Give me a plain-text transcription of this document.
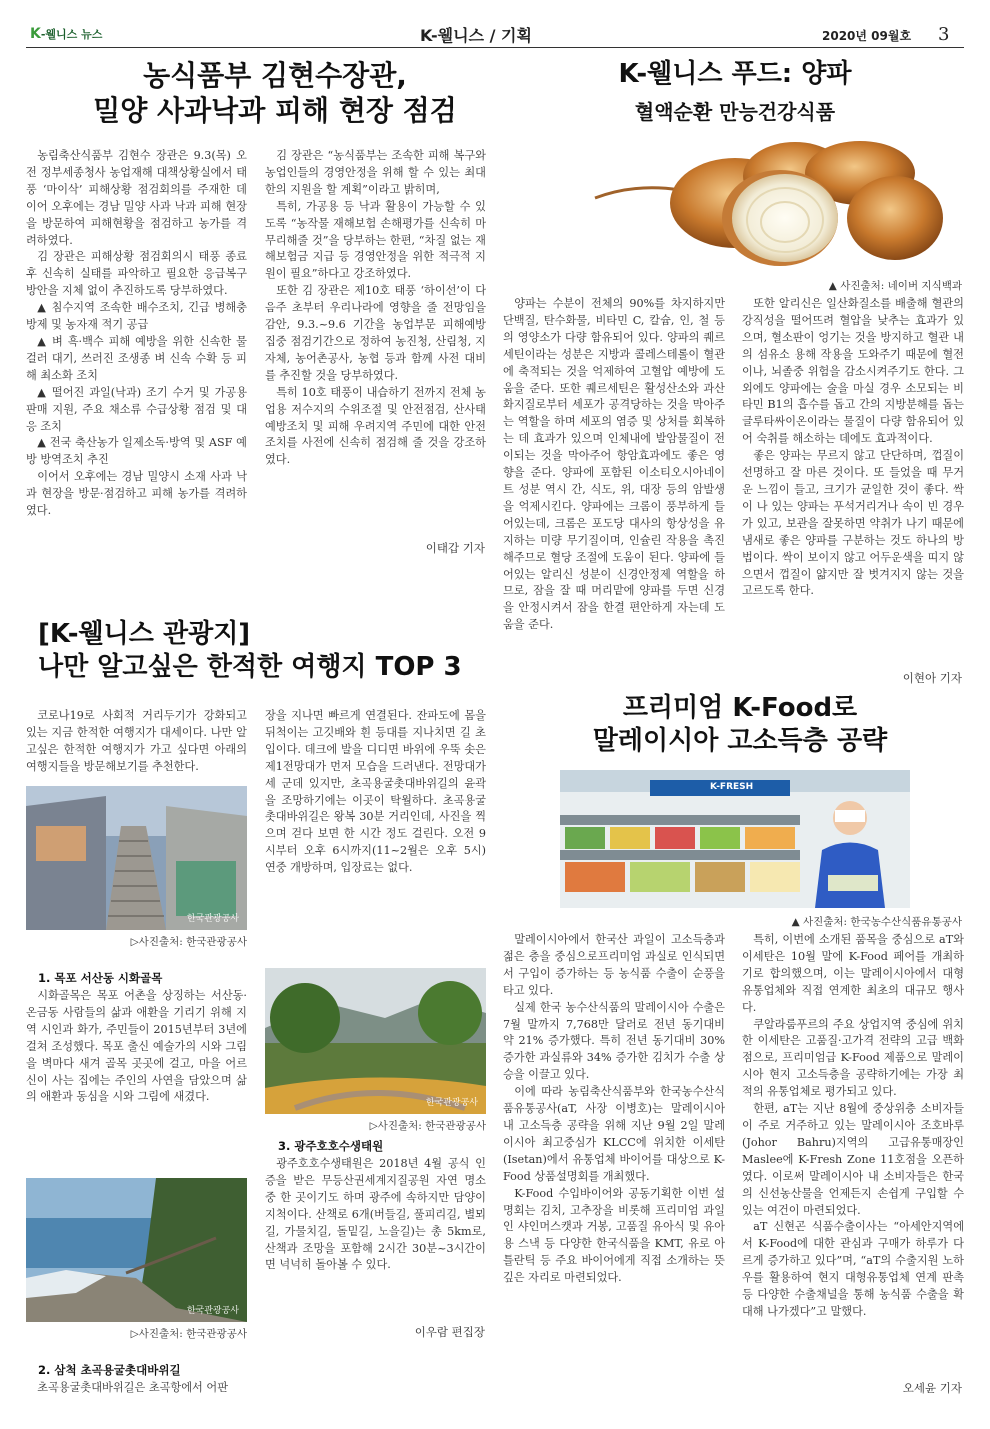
K-웰니스 뉴스	K-웰니스 / 기획	2020년 09월호 3
농식품부 김현수장관,
밀양 사과낙과 피해 현장 점검

농림축산식품부 김현수 장관은 9.3(목) 오전 정부세종청사 농업재해 대책상황실에서 태풍 ‘마이삭’ 피해상황 점검회의를 주재한 데 이어 오후에는 경남 밀양 사과 낙과 피해 현장을 방문하여 피해현황을 점검하고 농가를 격려하였다.

김 장관은 피해상황 점검회의시 태풍 종료 후 신속히 실태를 파악하고 필요한 응급복구 방안을 지체 없이 추진하도록 당부하였다.

▲ 침수지역 조속한 배수조치, 긴급 병해충 방제 및 농자재 적기 공급

▲ 벼 흑·백수 피해 예방을 위한 신속한 물걸러 대기, 쓰러진 조생종 벼 신속 수확 등 피해 최소화 조치

▲ 떨어진 과일(낙과) 조기 수거 및 가공용 판매 지원, 주요 채소류 수급상황 점검 및 대응 조치

▲ 전국 축산농가 일제소독·방역 및 ASF 예방 방역조치 추진

이어서 오후에는 경남 밀양시 소재 사과 낙과 현장을 방문·점검하고 피해 농가를 격려하였다.

김 장관은 “농식품부는 조속한 피해 복구와 농업인들의 경영안정을 위해 할 수 있는 최대한의 지원을 할 계획”이라고 밝히며,

특히, 가공용 등 낙과 활용이 가능할 수 있도록 “농작물 재해보험 손해평가를 신속히 마무리해줄 것”을 당부하는 한편, “차질 없는 재해보험금 지급 등 경영안정을 위한 적극적 지원이 필요”하다고 강조하였다.

또한 김 장관은 제10호 태풍 ‘하이선’이 다음주 초부터 우리나라에 영향을 줄 전망임을 감안, 9.3.~9.6 기간을 농업부문 피해예방 집중 점검기간으로 정하여 농진청, 산림청, 지자체, 농어촌공사, 농협 등과 함께 사전 대비를 추진할 것을 당부하였다.

특히 10호 태풍이 내습하기 전까지 전체 농업용 저수지의 수위조절 및 안전점검, 산사태 예방조치 및 피해 우려지역 주민에 대한 안전조치를 사전에 신속히 점검해 줄 것을 강조하였다.

이태갑 기자
K-웰니스 푸드: 양파
혈액순환 만능건강식품
▲ 사진출처: 네이버 지식백과

양파는 수분이 전체의 90%를 차지하지만 단백질, 탄수화물, 비타민 C, 칼슘, 인, 철 등의 영양소가 다량 함유되어 있다. 양파의 퀘르세틴이라는 성분은 지방과 콜레스테롤이 혈관에 축적되는 것을 억제하여 고혈압 예방에 도움을 준다. 또한 퀘르세틴은 활성산소와 과산화지질로부터 세포가 공격당하는 것을 막아주는 역할을 하며 세포의 염증 및 상처를 회복하는 데 효과가 있으며 인체내에 발암물질이 전이되는 것을 막아주어 항암효과에도 좋은 영향을 준다. 양파에 포함된 이소티오시아네이트 성분 역시 간, 식도, 위, 대장 등의 암발생을 억제시킨다. 양파에는 크롬이 풍부하게 들어있는데, 크롬은 포도당 대사의 항상성을 유지하는 미량 무기질이며, 인슐린 작용을 촉진해주므로 혈당 조절에 도움이 된다. 양파에 들어있는 알리신 성분이 신경안정제 역할을 하므로, 잠을 잘 때 머리맡에 양파를 두면 신경을 안정시켜서 잠을 한결 편안하게 자는데 도움을 준다.

또한 알리신은 일산화질소를 배출해 혈관의 강직성을 떨어뜨려 혈압을 낮추는 효과가 있으며, 혈소판이 엉기는 것을 방지하고 혈관 내의 섬유소 용해 작용을 도와주기 때문에 혈전이나, 뇌졸중 위험을 감소시켜주기도 한다. 그 외에도 양파에는 술을 마실 경우 소모되는 비타민 B1의 흡수를 돕고 간의 지방분해를 돕는 글루타싸이온이라는 물질이 다량 함유되어 있어 숙취를 해소하는 데에도 효과적이다.

좋은 양파는 무르지 않고 단단하며, 껍질이 선명하고 잘 마른 것이다. 또 들었을 때 무거운 느낌이 들고, 크기가 균일한 것이 좋다. 싹이 나 있는 양파는 푸석거리거나 속이 빈 경우가 있고, 보관을 잘못하면 약취가 나기 때문에 냄새로 좋은 양파를 구분하는 것도 하나의 방법이다. 싹이 보이지 않고 어두운색을 띠지 않으면서 껍질이 얇지만 잘 벗겨지지 않는 것을 고르도록 한다.

이현아 기자
[K-웰니스 관광지]
나만 알고싶은 한적한 여행지 TOP 3

코로나19로 사회적 거리두기가 강화되고 있는 지금 한적한 여행지가 대세이다. 나만 알고싶은 한적한 여행지가 가고 싶다면 아래의 여행지들을 방문해보기를 추천한다.

한국관광공사
▷사진출처: 한국관광공사
1. 목포 서산동 시화골목

시화골목은 목포 어촌을 상징하는 서산동·온금동 사람들의 삶과 애환을 기리기 위해 지역 시인과 화가, 주민들이 2015년부터 3년에 걸쳐 조성했다. 목포 출신 예술가의 시와 그림을 벽마다 새겨 골목 곳곳에 걸고, 마을 어르신이 사는 집에는 주인의 사연을 담았으며 삶의 애환과 동심을 시와 그림에 새겼다.

한국관광공사
▷사진출처: 한국관광공사
2. 삼척 초곡용굴촛대바위길

초곡용굴촛대바위길은 초곡항에서 어판

장을 지나면 빠르게 연결된다. 잔파도에 몸을 뒤척이는 고깃배와 흰 등대를 지나치면 길 초입이다. 데크에 발을 디디면 바위에 우뚝 솟은 제1전망대가 먼저 모습을 드러낸다. 전망대가 세 군데 있지만, 초곡용굴촛대바위길의 윤곽을 조망하기에는 이곳이 탁월하다. 초곡용굴촛대바위길은 왕복 30분 거리인데, 사진을 찍으며 걷다 보면 한 시간 정도 걸린다. 오전 9시부터 오후 6시까지(11~2월은 오후 5시) 연중 개방하며, 입장료는 없다.

한국관광공사
▷사진출처: 한국관광공사
3. 광주호호수생태원

광주호호수생태원은 2018년 4월 공식 인증을 받은 무등산권세계지질공원 자연 명소 중 한 곳이기도 하며 광주에 속하지만 담양이 지척이다. 산책로 6개(버들길, 풀피리길, 별뫼길, 가물치길, 돌밑길, 노을길)는 총 5km로, 산책과 조망을 포함해 2시간 30분~3시간이면 넉넉히 돌아볼 수 있다.

이우람 편집장
프리미엄 K-Food로
말레이시아 고소득층 공략
K-FRESH
▲ 사진출처: 한국농수산식품유통공사

말레이시아에서 한국산 과일이 고소득층과 젊은 층을 중심으로프리미엄 과실로 인식되면서 구입이 증가하는 등 농식품 수출이 순풍을 타고 있다.

실제 한국 농수산식품의 말레이시아 수출은 7월 말까지 7,768만 달러로 전년 동기대비 약 21% 증가했다. 특히 전년 동기대비 30% 증가한 과실류와 34% 증가한 김치가 수출 상승을 이끌고 있다.

이에 따라 농림축산식품부와 한국농수산식품유통공사(aT, 사장 이병호)는 말레이시아 내 고소득층 공략을 위해 지난 9월 2일 말레이시아 최고중심가 KLCC에 위치한 이세탄(Isetan)에서 유통업체 바이어를 대상으로 K-Food 상품설명회를 개최했다.

K-Food 수입바이어와 공동기획한 이번 설명회는 김치, 고추장을 비롯해 프리미엄 과일인 샤인머스캣과 거봉, 고품질 유아식 및 유아용 스낵 등 다양한 한국식품을 KMT, 유로 아틀란틱 등 주요 바이어에게 직접 소개하는 뜻깊은 자리로 마련되었다.

특히, 이번에 소개된 품목을 중심으로 aT와 이세탄은 10월 말에 K-Food 페어를 개최하기로 합의했으며, 이는 말레이시아에서 대형유통업체와 직접 연계한 최초의 대규모 행사다.

쿠알라룸푸르의 주요 상업지역 중심에 위치한 이세탄은 고품질·고가격 전략의 고급 백화점으로, 프리미엄급 K-Food 제품으로 말레이시아 현지 고소득층을 공략하기에는 가장 최적의 유통업체로 평가되고 있다.

한편, aT는 지난 8월에 중상위층 소비자들이 주로 거주하고 있는 말레이시아 조호바루(Johor Bahru)지역의 고급유통매장인 Maslee에 K-Fresh Zone 11호점을 오픈하였다. 이로써 말레이시아 내 소비자들은 한국의 신선농산물을 언제든지 손쉽게 구입할 수 있는 여건이 마련되었다.

aT 신현곤 식품수출이사는 “아세안지역에서 K-Food에 대한 관심과 구매가 하루가 다르게 증가하고 있다”며, “aT의 수출지원 노하우를 활용하여 현지 대형유통업체 연계 판촉 등 다양한 수출채널을 통해 농식품 수출을 확대해 나가겠다”고 말했다.

오세윤 기자
